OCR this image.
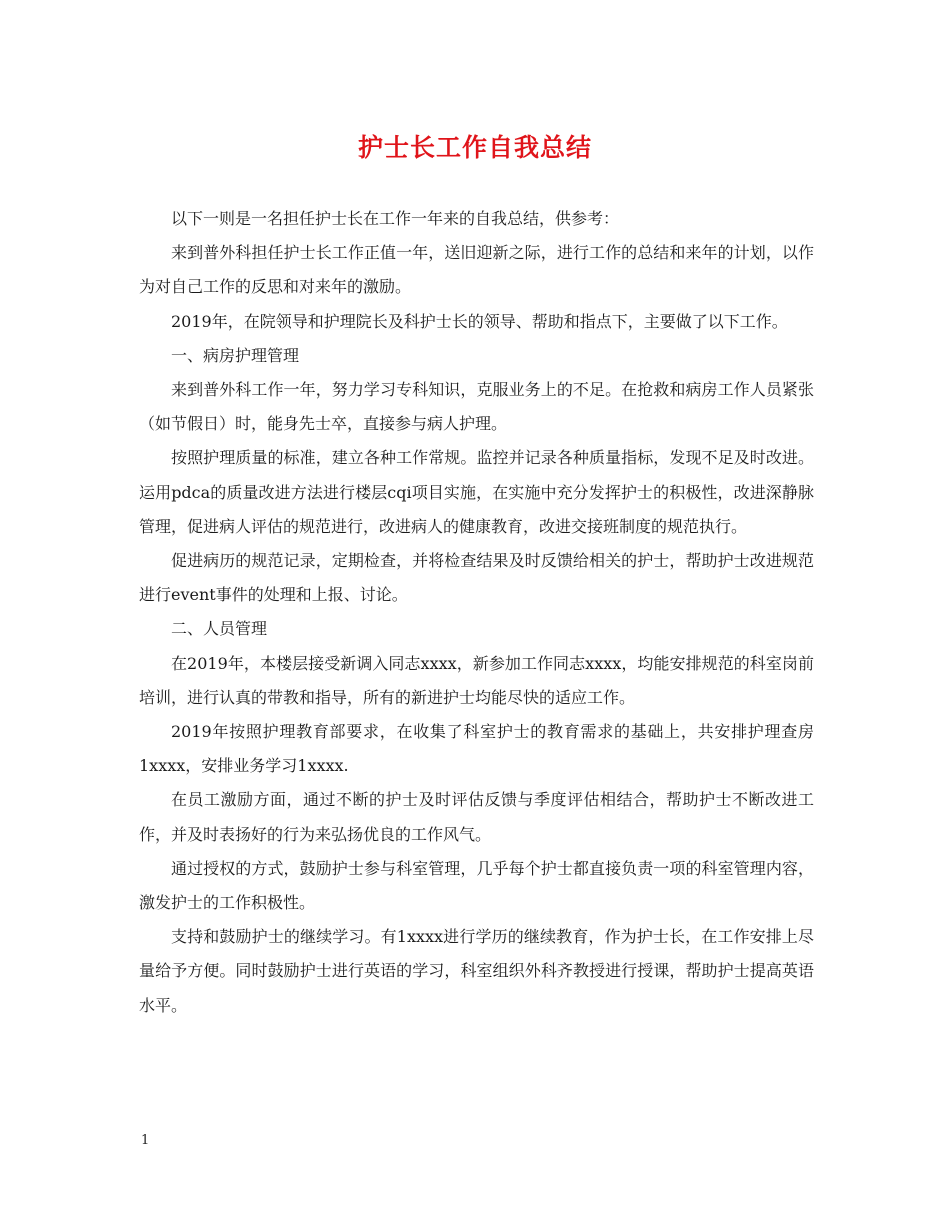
护士长工作自我总结

以下一则是一名担任护士长在工作一年来的自我总结，供参考：

来到普外科担任护士长工作正值一年，送旧迎新之际，进行工作的总结和来年的计划，以作为对自己工作的反思和对来年的激励。

2019年，在院领导和护理院长及科护士长的领导、帮助和指点下，主要做了以下工作。

一、病房护理管理

来到普外科工作一年，努力学习专科知识，克服业务上的不足。在抢救和病房工作人员紧张（如节假日）时，能身先士卒，直接参与病人护理。

按照护理质量的标准，建立各种工作常规。监控并记录各种质量指标，发现不足及时改进。运用pdca的质量改进方法进行楼层cqi项目实施，在实施中充分发挥护士的积极性，改进深静脉管理，促进病人评估的规范进行，改进病人的健康教育，改进交接班制度的规范执行。

促进病历的规范记录，定期检查，并将检查结果及时反馈给相关的护士，帮助护士改进规范进行event事件的处理和上报、讨论。

二、人员管理

在2019年，本楼层接受新调入同志xxxx，新参加工作同志xxxx，均能安排规范的科室岗前培训，进行认真的带教和指导，所有的新进护士均能尽快的适应工作。

2019年按照护理教育部要求，在收集了科室护士的教育需求的基础上，共安排护理查房1xxxx，安排业务学习1xxxx.

在员工激励方面，通过不断的护士及时评估反馈与季度评估相结合，帮助护士不断改进工作，并及时表扬好的行为来弘扬优良的工作风气。

通过授权的方式，鼓励护士参与科室管理，几乎每个护士都直接负责一项的科室管理内容，激发护士的工作积极性。

支持和鼓励护士的继续学习。有1xxxx进行学历的继续教育，作为护士长，在工作安排上尽量给予方便。同时鼓励护士进行英语的学习，科室组织外科齐教授进行授课，帮助护士提高英语水平。

1
